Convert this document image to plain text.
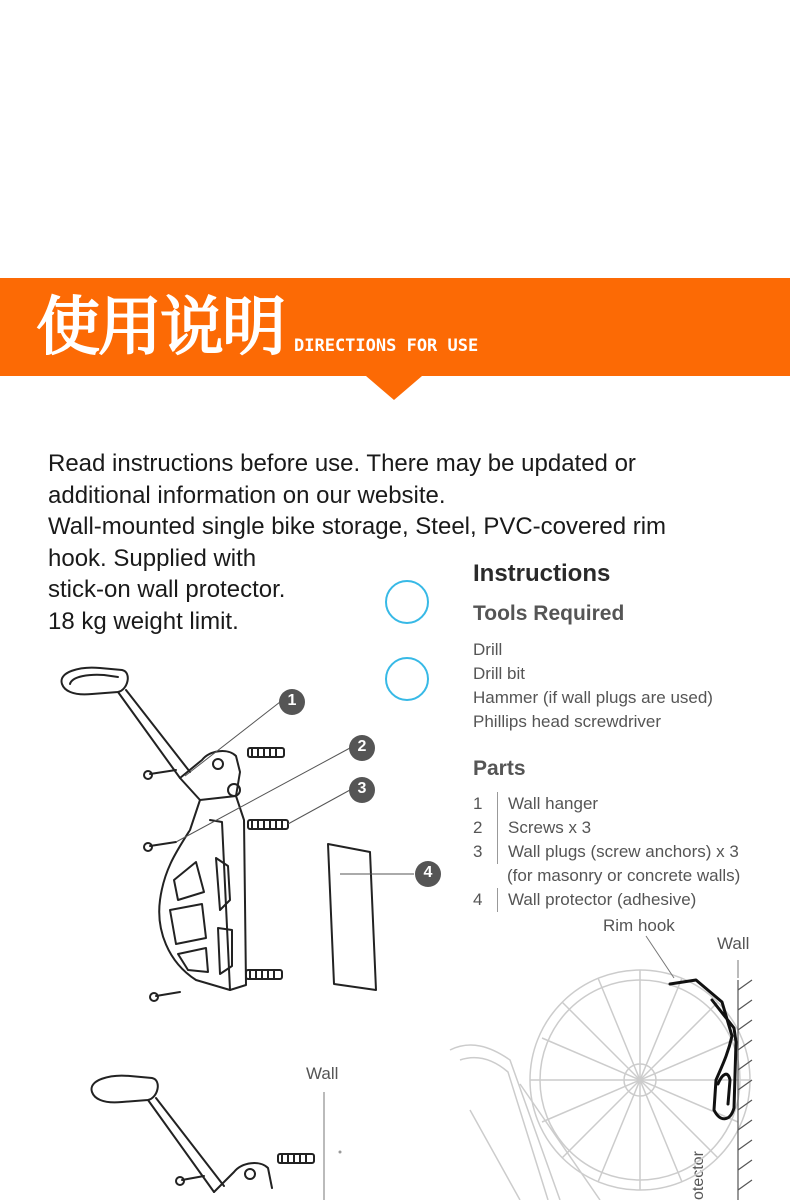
使用说明 DIRECTIONS FOR USE

Read instructions before use. There may be updated or

additional information on our website.

Wall-mounted single bike storage, Steel, PVC-covered rim

hook. Supplied with

stick-on wall protector.

18 kg weight limit.

Instructions
Tools Required
Drill
Drill bit
Hammer (if wall plugs are used)
Phillips head screwdriver
Parts
1	Wall hanger
2	Screws x 3
3	Wall plugs (screw anchors) x 3
(for masonry or concrete walls)
4	Wall protector (adhesive)
Rim hook
Wall
Wall
otector
1
2
3
4
